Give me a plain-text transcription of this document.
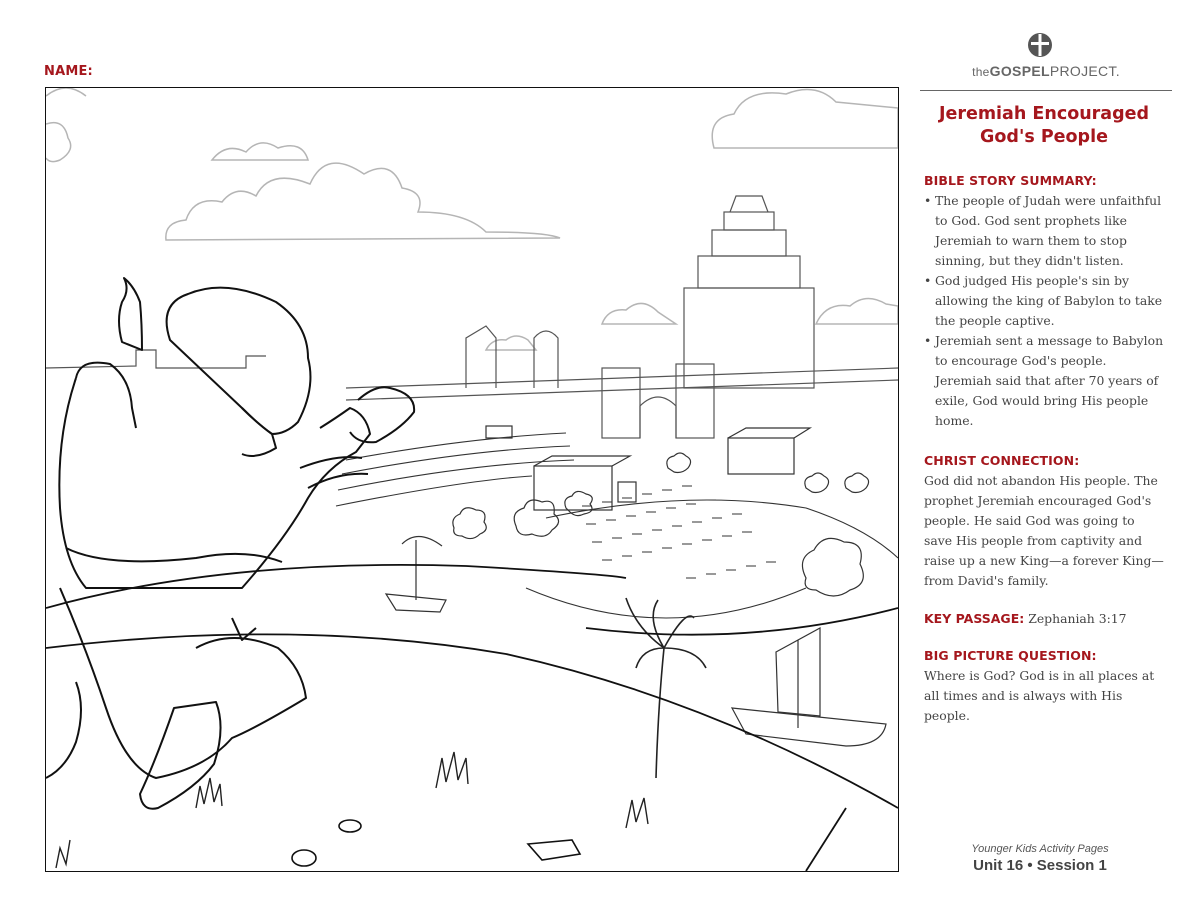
NAME:	theGOSPELPROJECT.
Jeremiah Encouraged
God's People
BIBLE STORY SUMMARY:
• The people of Judah were unfaithful to God. God sent prophets like Jeremiah to warn them to stop sinning, but they didn't listen.
• God judged His people's sin by allowing the king of Babylon to take the people captive.
• Jeremiah sent a message to Babylon to encourage God's people. Jeremiah said that after 70 years of exile, God would bring His people home.
CHRIST CONNECTION:
God did not abandon His people. The prophet Jeremiah encouraged God's people. He said God was going to save His people from captivity and raise up a new King—a forever King—from David's family.
KEY PASSAGE: Zephaniah 3:17
BIG PICTURE QUESTION:
Where is God? God is in all places at all times and is always with His people.
Younger Kids Activity Pages
Unit 16 • Session 1
